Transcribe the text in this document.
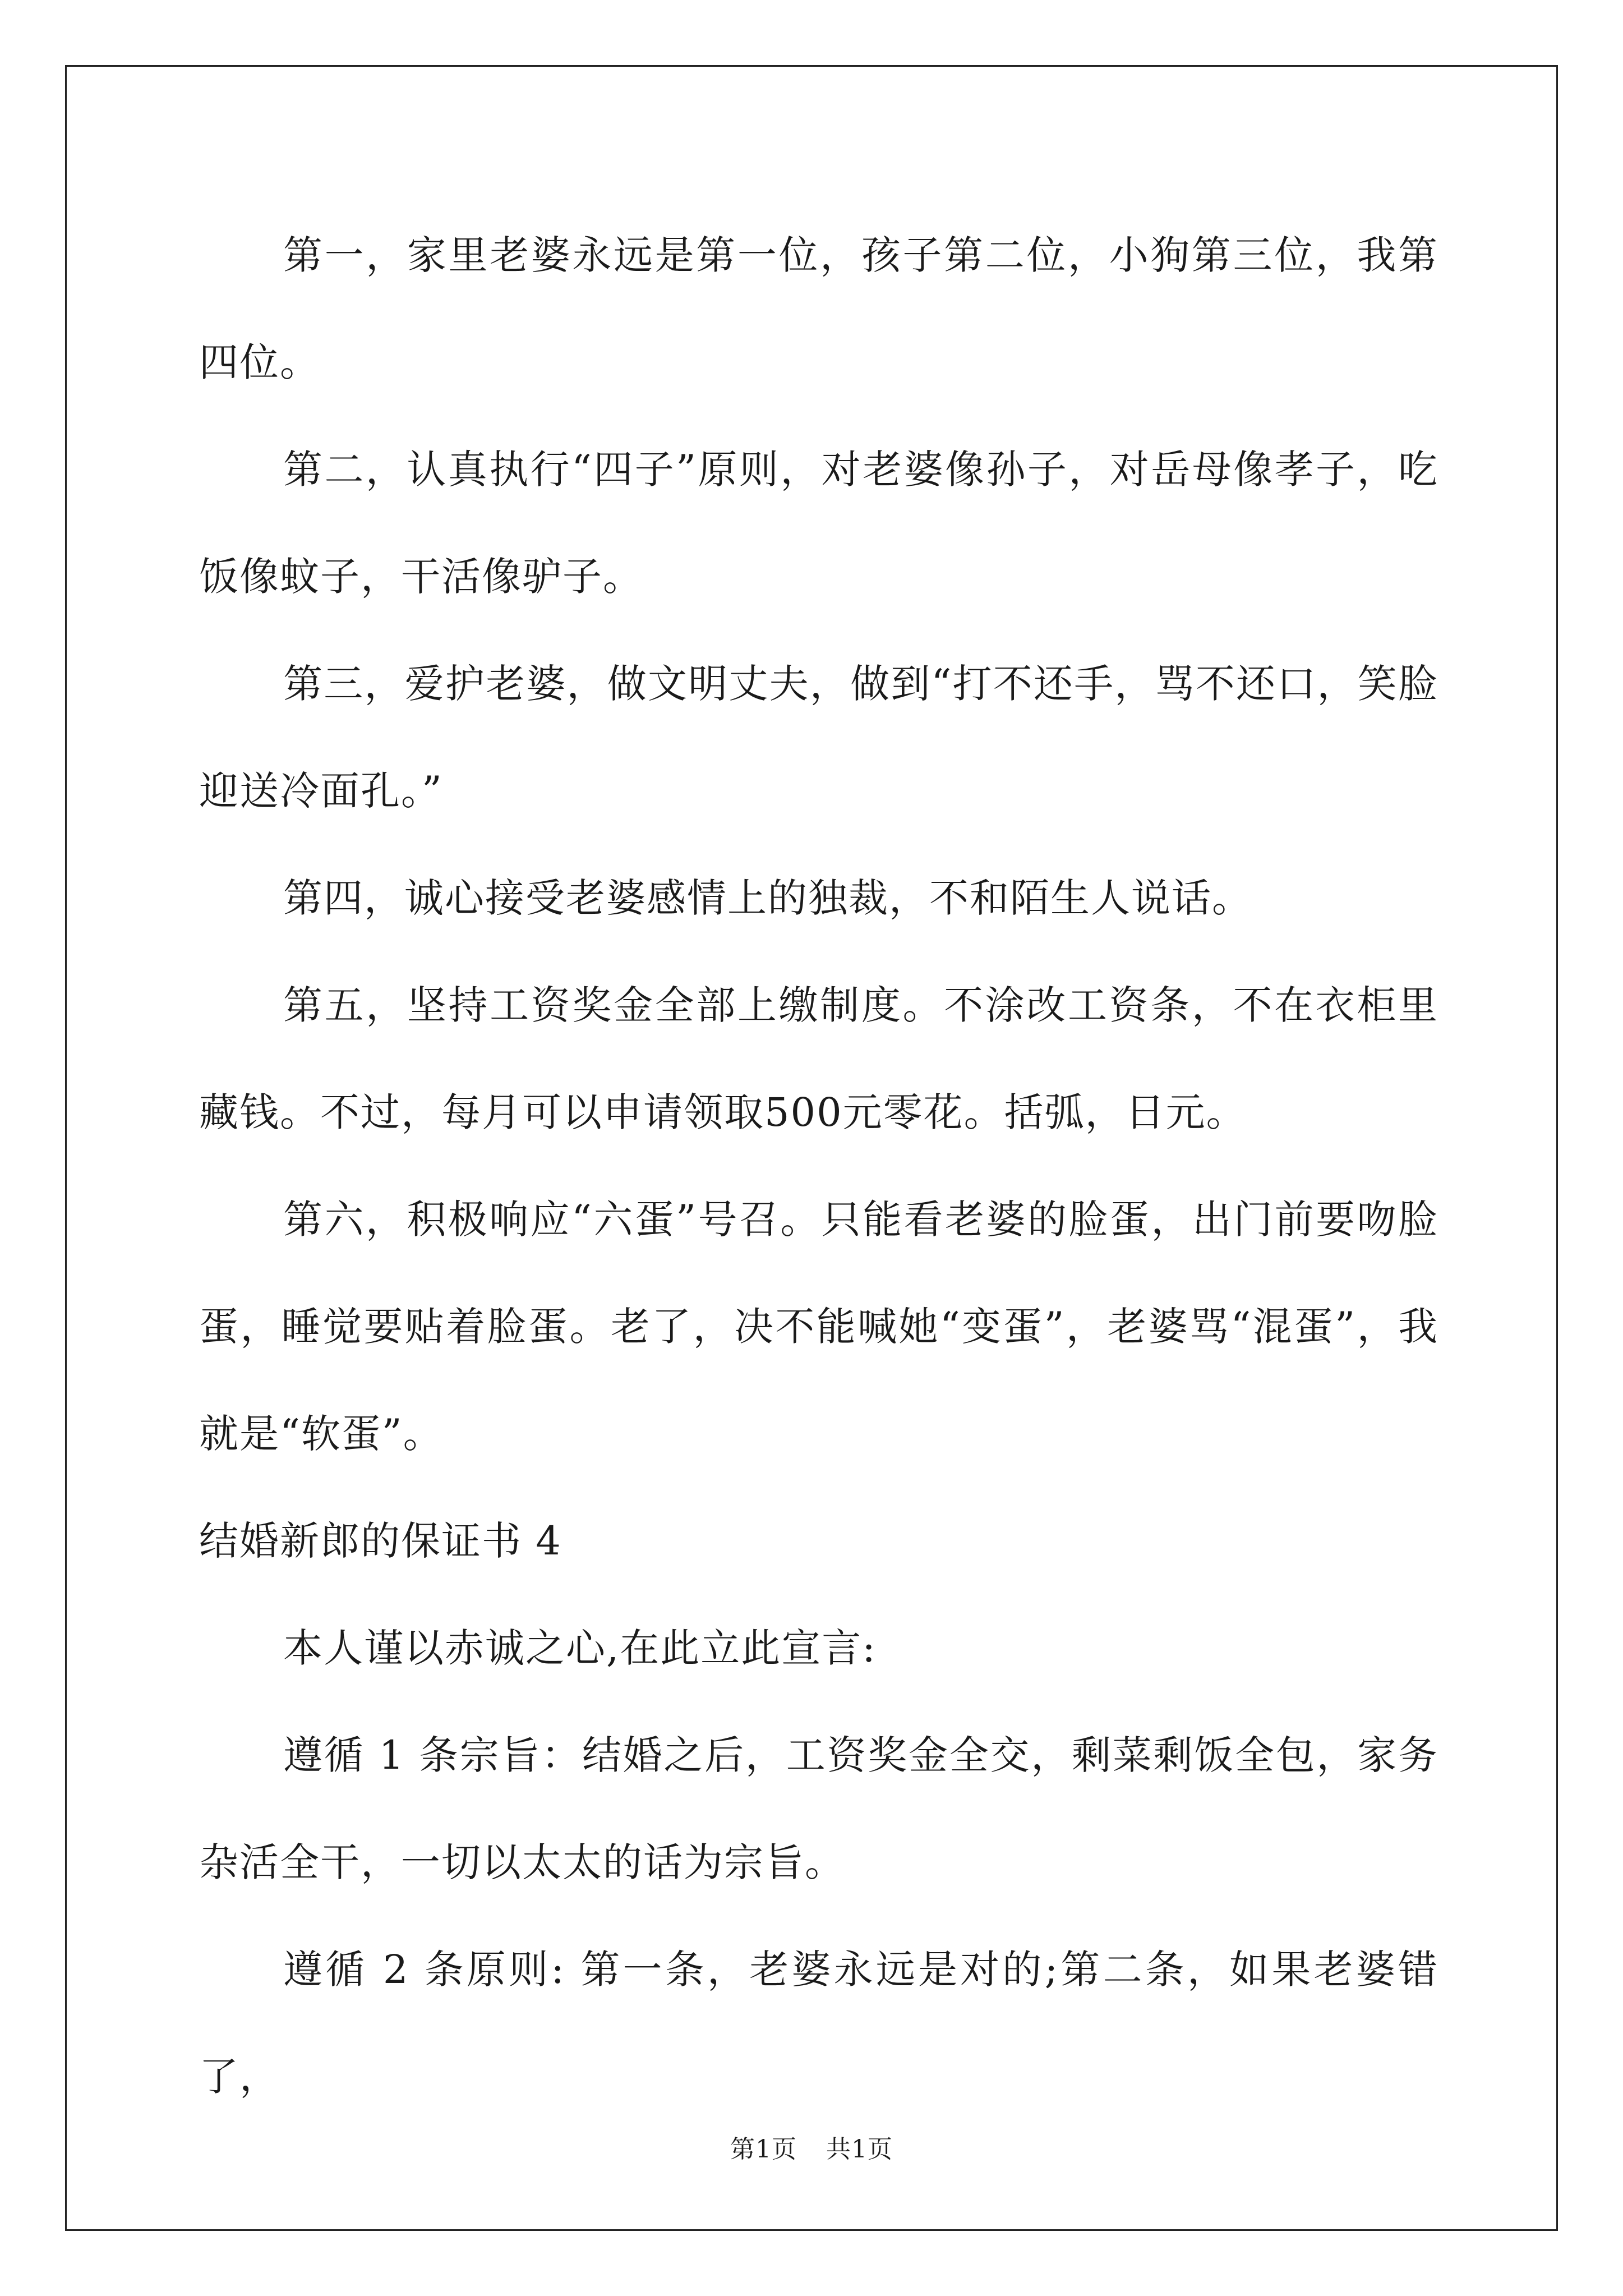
第一，家里老婆永远是第一位，孩子第二位，小狗第三位，我第四位。

第二，认真执行“四子”原则，对老婆像孙子，对岳母像孝子，吃饭像蚊子，干活像驴子。

第三，爱护老婆，做文明丈夫，做到“打不还手，骂不还口，笑脸迎送冷面孔。”

第四，诚心接受老婆感情上的独裁，不和陌生人说话。

第五，坚持工资奖金全部上缴制度。不涂改工资条，不在衣柜里藏钱。不过，每月可以申请领取500元零花。括弧，日元。

第六，积极响应“六蛋”号召。只能看老婆的脸蛋，出门前要吻脸蛋，睡觉要贴着脸蛋。老了，决不能喊她“变蛋”，老婆骂“混蛋”，我就是“软蛋”。

结婚新郎的保证书 4

本人谨以赤诚之心,在此立此宣言:

遵循 1 条宗旨：结婚之后，工资奖金全交，剩菜剩饭全包，家务杂活全干，一切以太太的话为宗旨。

遵循 2 条原则: 第一条，老婆永远是对的;第二条，如果老婆错了，

第1页 共1页
